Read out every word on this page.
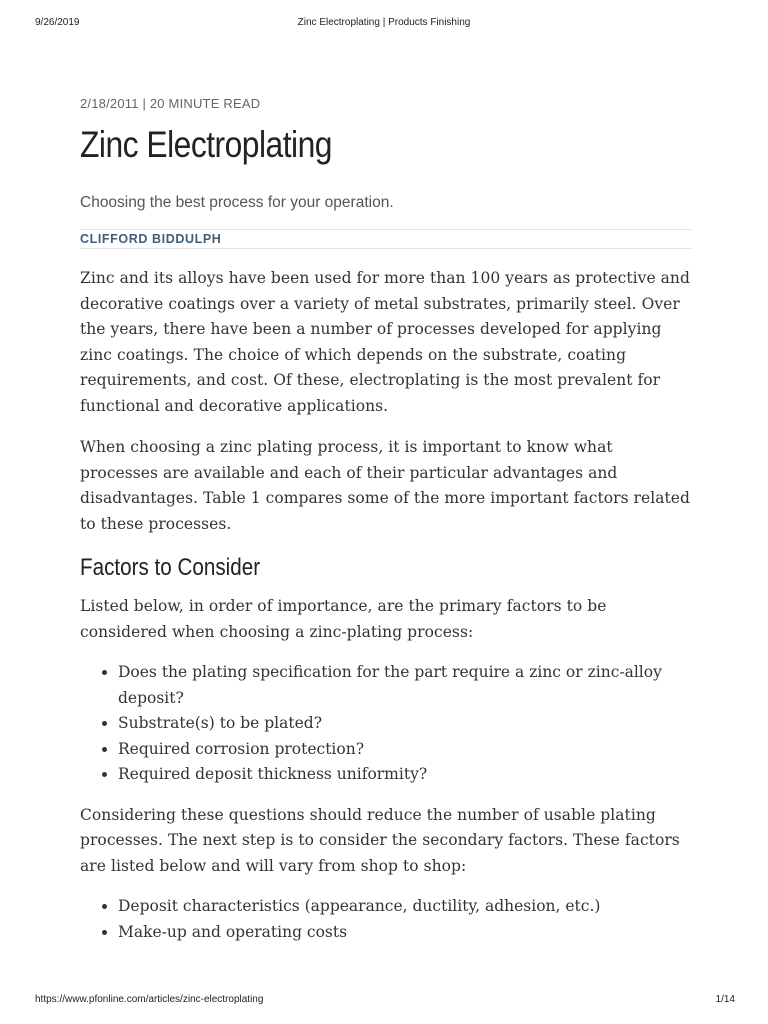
9/26/2019	Zinc Electroplating | Products Finishing

2/18/2011 | 20 MINUTE READ

Zinc Electroplating

Choosing the best process for your operation.

CLIFFORD BIDDULPH

Zinc and its alloys have been used for more than 100 years as protective and decorative coatings over a variety of metal substrates, primarily steel. Over the years, there have been a number of processes developed for applying zinc coatings. The choice of which depends on the substrate, coating requirements, and cost. Of these, electroplating is the most prevalent for functional and decorative applications.

When choosing a zinc plating process, it is important to know what processes are available and each of their particular advantages and disadvantages. Table 1 compares some of the more important factors related to these processes.

Factors to Consider

Listed below, in order of importance, are the primary factors to be considered when choosing a zinc-plating process:

• Does the plating specification for the part require a zinc or zinc-alloy deposit?
• Substrate(s) to be plated?
• Required corrosion protection?
• Required deposit thickness uniformity?

Considering these questions should reduce the number of usable plating processes. The next step is to consider the secondary factors. These factors are listed below and will vary from shop to shop:

• Deposit characteristics (appearance, ductility, adhesion, etc.)
• Make-up and operating costs
https://www.pfonline.com/articles/zinc-electroplating	1/14
